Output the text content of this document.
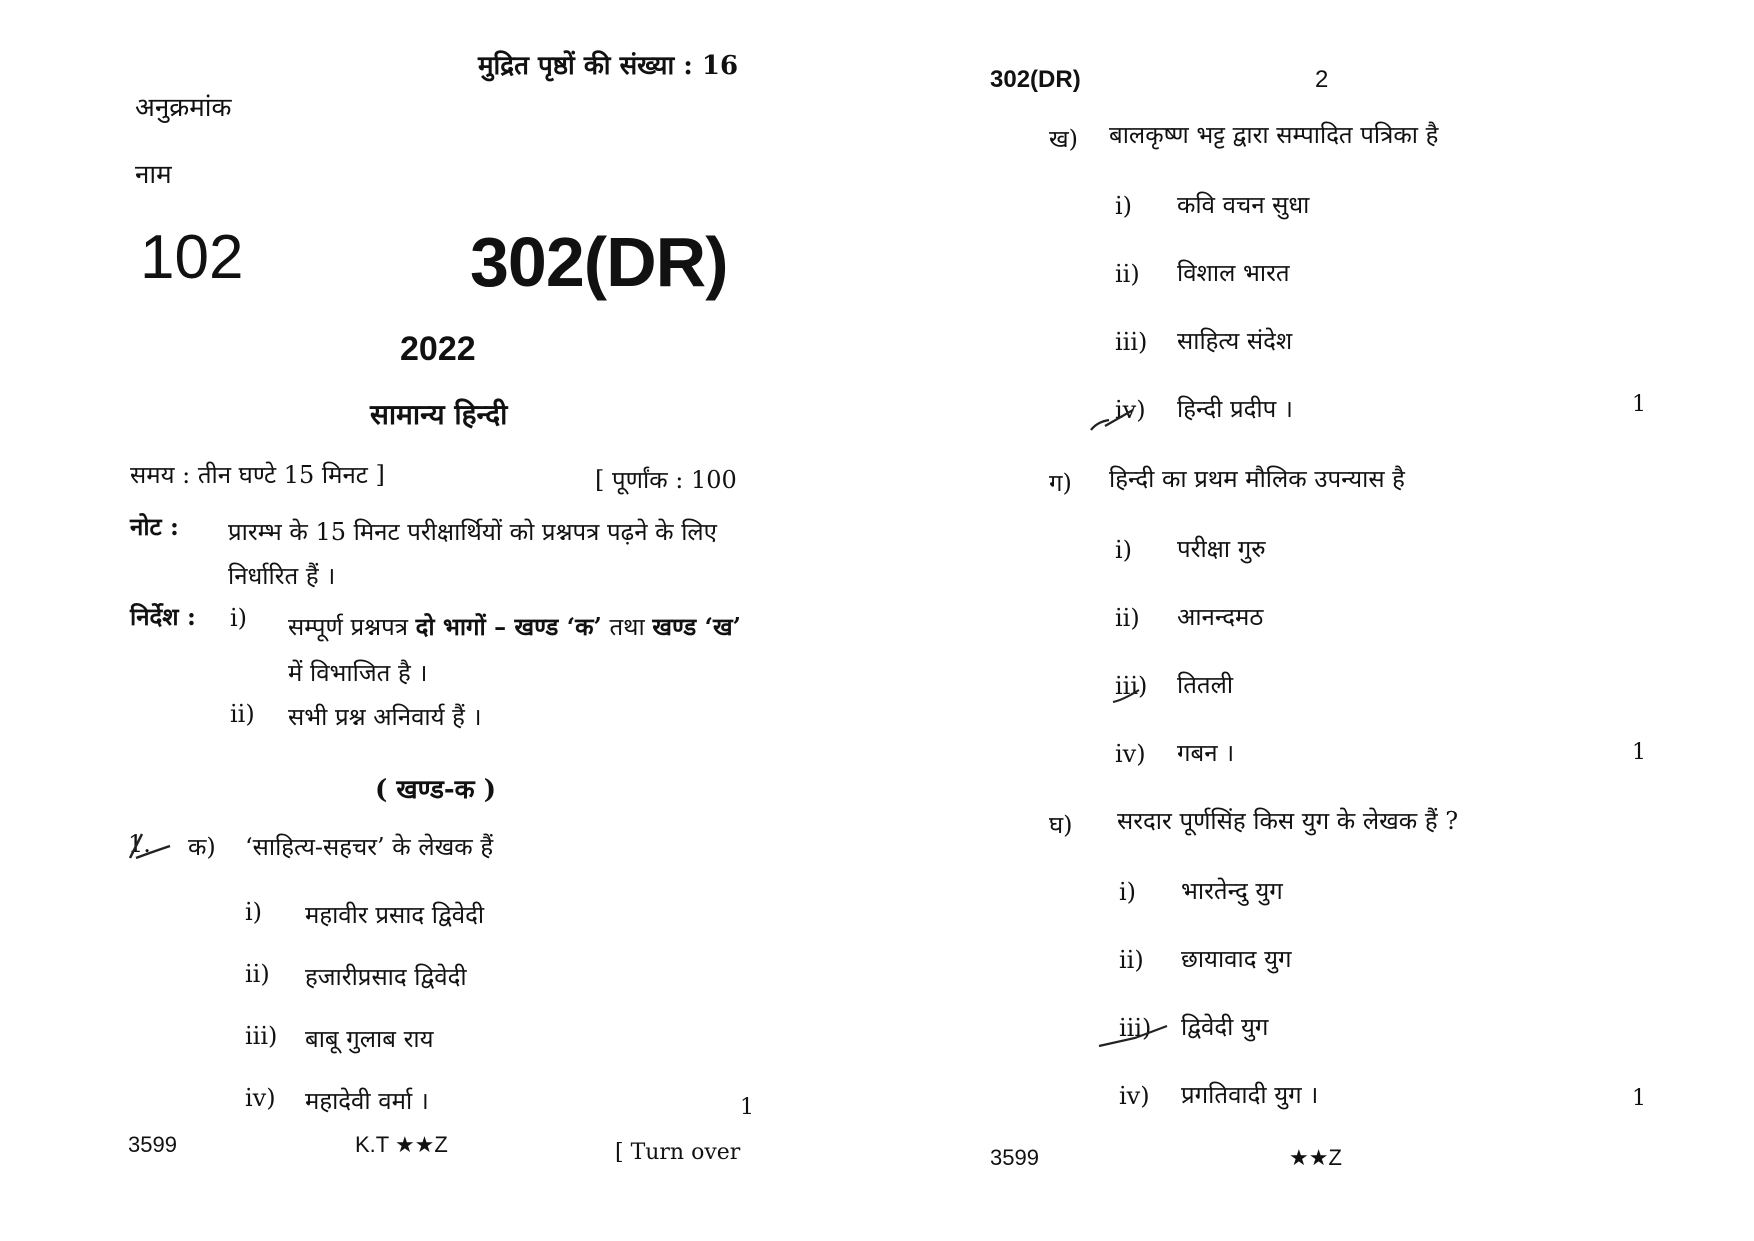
मुद्रित पृष्ठों की संख्या : 16
अनुक्रमांक
नाम
102	302(DR)
2022
सामान्य हिन्दी
समय : तीन घण्टे 15 मिनट ]	[ पूर्णांक : 100
नोट : प्रारम्भ के 15 मिनट परीक्षार्थियों को प्रश्नपत्र पढ़ने के लिए निर्धारित हैं ।
निर्देश : i) सम्पूर्ण प्रश्नपत्र दो भागों – खण्ड ‘क’ तथा खण्ड ‘ख’ में विभाजित है ।
ii) सभी प्रश्न अनिवार्य हैं ।
( खण्ड-क )
1. क) ‘साहित्य-सहचर’ के लेखक हैं
i) महावीर प्रसाद द्विवेदी
ii) हजारीप्रसाद द्विवेदी
iii) बाबू गुलाब राय
iv) महादेवी वर्मा ।	1
3599	K.T ★★Z	[ Turn over
302(DR)	2
ख) बालकृष्ण भट्ट द्वारा सम्पादित पत्रिका है
i) कवि वचन सुधा
ii) विशाल भारत
iii) साहित्य संदेश
iv) हिन्दी प्रदीप ।	1
ग) हिन्दी का प्रथम मौलिक उपन्यास है
i) परीक्षा गुरु
ii) आनन्दमठ
iii) तितली
iv) गबन ।	1
घ) सरदार पूर्णसिंह किस युग के लेखक हैं ?
i) भारतेन्दु युग
ii) छायावाद युग
iii) द्विवेदी युग
iv) प्रगतिवादी युग ।	1
3599	★★Z
